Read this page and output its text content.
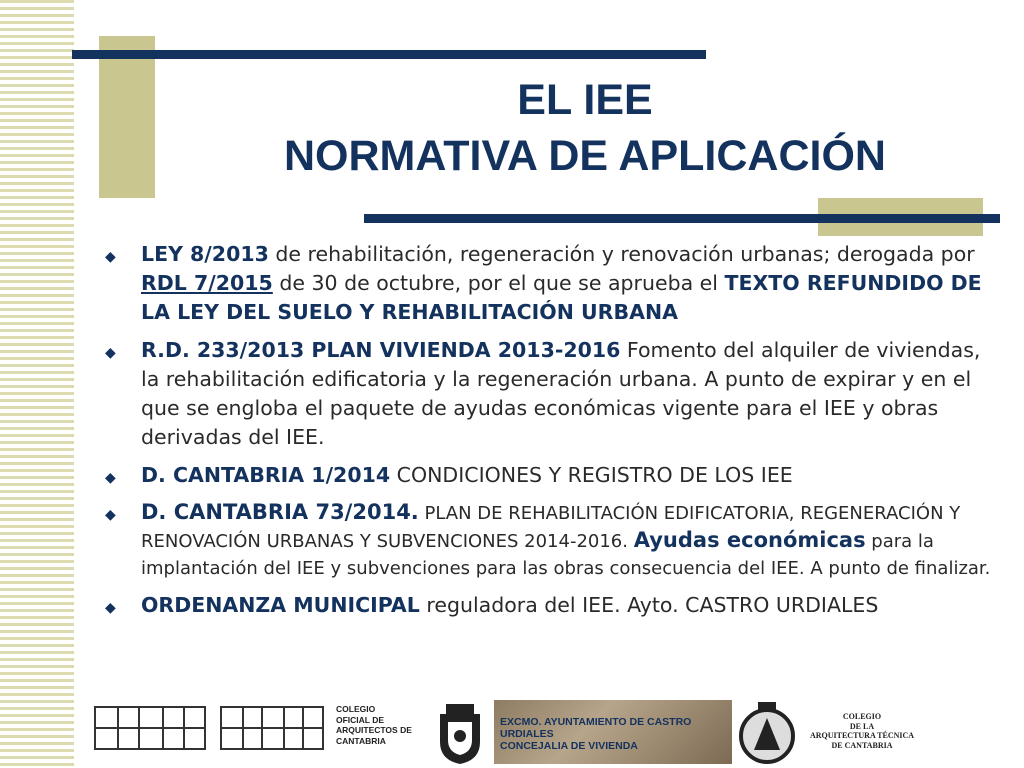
EL IEE
NORMATIVA DE APLICACIÓN
◆ LEY 8/2013 de rehabilitación, regeneración y renovación urbanas; derogada por RDL 7/2015 de 30 de octubre, por el que se aprueba el TEXTO REFUNDIDO DE LA LEY DEL SUELO Y REHABILITACIÓN URBANA
◆ R.D. 233/2013 PLAN VIVIENDA 2013-2016 Fomento del alquiler de viviendas, la rehabilitación edificatoria y la regeneración urbana. A punto de expirar y en el que se engloba el paquete de ayudas económicas vigente para el IEE y obras derivadas del IEE.
◆ D. CANTABRIA 1/2014 CONDICIONES Y REGISTRO DE LOS IEE
◆ D. CANTABRIA 73/2014. PLAN DE REHABILITACIÓN EDIFICATORIA, REGENERACIÓN Y RENOVACIÓN URBANAS Y SUBVENCIONES 2014-2016. Ayudas económicas para la implantación del IEE y subvenciones para las obras consecuencia del IEE. A punto de finalizar.
◆ ORDENANZA MUNICIPAL reguladora del IEE. Ayto. CASTRO URDIALES
COLEGIO
OFICIAL DE
ARQUITECTOS DE
CANTABRIA
EXCMO. AYUNTAMIENTO DE CASTRO URDIALES
CONCEJALIA DE VIVIENDA
COLEGIO
DE LA
ARQUITECTURA TÉCNICA
DE CANTABRIA
